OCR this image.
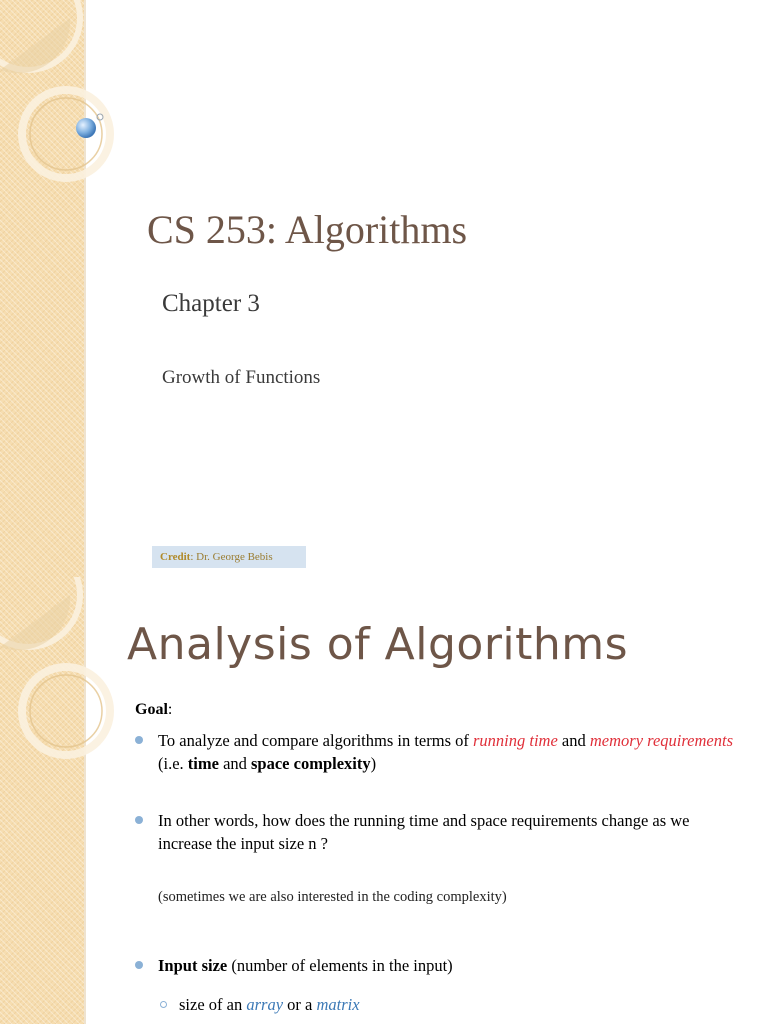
CS 253: Algorithms
Chapter 3
Growth of Functions
Credit: Dr. George Bebis
Analysis of Algorithms
Goal:
To analyze and compare algorithms in terms of running time and memory requirements (i.e. time and space complexity)
In other words, how does the running time and space requirements change as we increase the input size n ?
(sometimes we are also interested in the coding complexity)
Input size (number of elements in the input)
size of an array or a matrix
